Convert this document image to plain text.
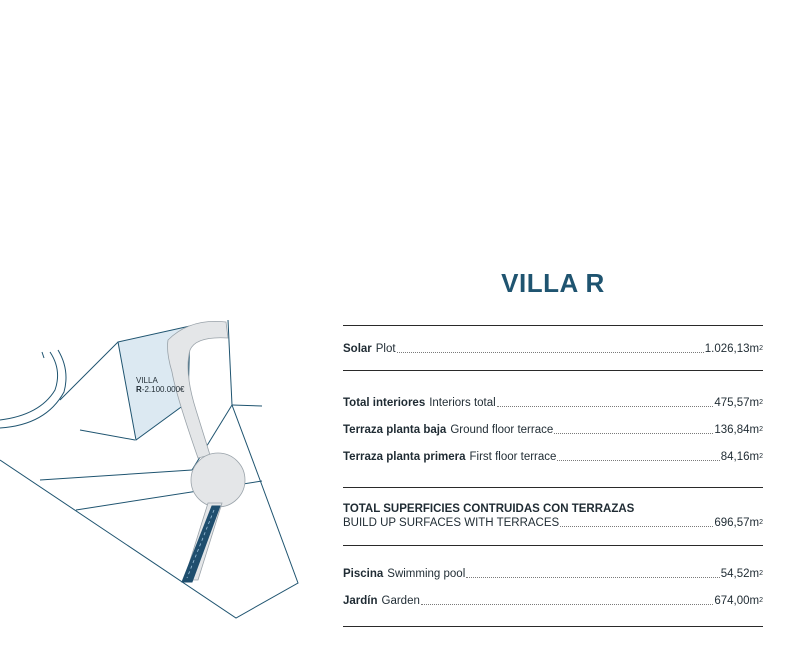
VILLA
R-2.100.000€
VILLA R
Solar Plot	$1.026,13m^2$
Total interiores Interiors total	$475,57m^2$
Terraza planta baja Ground floor terrace	$136,84m^2$
Terraza planta primera First floor terrace	$84,16m^2$
TOTAL SUPERFICIES CONTRUIDAS CON TERRAZAS
BUILD UP SURFACES WITH TERRACES	$696,57m^2$
Piscina Swimming pool	$54,52m^2$
Jardín Garden	$674,00m^2$
